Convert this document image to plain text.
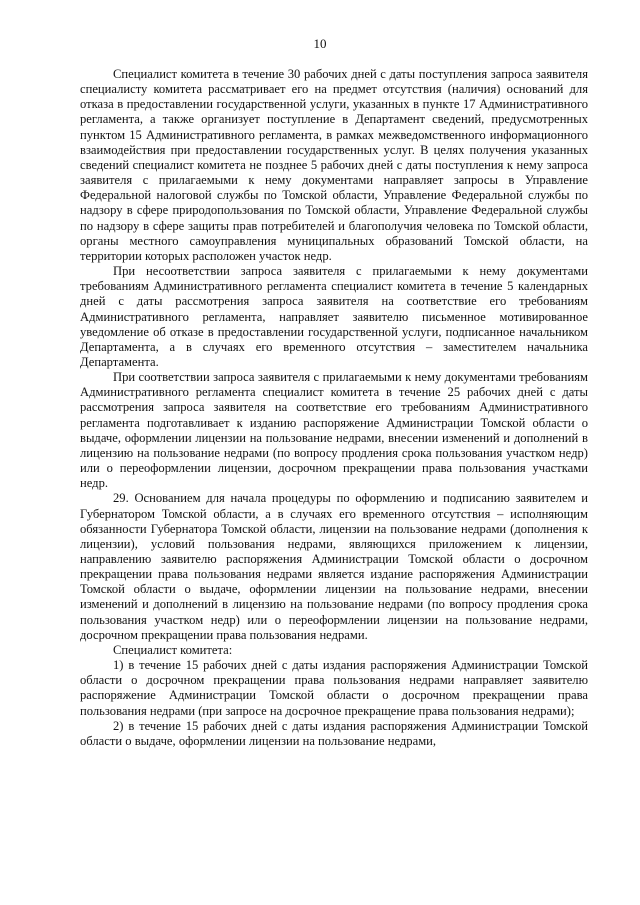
10

Специалист комитета в течение 30 рабочих дней с даты поступления запроса заявителя специалисту комитета рассматривает его на предмет отсутствия (наличия) оснований для отказа в предоставлении государственной услуги, указанных в пункте 17 Административного регламента, а также организует поступление в Департамент сведений, предусмотренных пунктом 15 Административного регламента, в рамках межведомственного информационного взаимодействия при предоставлении государственных услуг. В целях получения указанных сведений специалист комитета не позднее 5 рабочих дней с даты поступления к нему запроса заявителя с прилагаемыми к нему документами направляет запросы в Управление Федеральной налоговой службы по Томской области, Управление Федеральной службы по надзору в сфере природопользования по Томской области, Управление Федеральной службы по надзору в сфере защиты прав потребителей и благополучия человека по Томской области, органы местного самоуправления муниципальных образований Томской области, на территории которых расположен участок недр.

При несоответствии запроса заявителя с прилагаемыми к нему документами требованиям Административного регламента специалист комитета в течение 5 календарных дней с даты рассмотрения запроса заявителя на соответствие его требованиям Административного регламента, направляет заявителю письменное мотивированное уведомление об отказе в предоставлении государственной услуги, подписанное начальником Департамента, а в случаях его временного отсутствия – заместителем начальника Департамента.

При соответствии запроса заявителя с прилагаемыми к нему документами требованиям Административного регламента специалист комитета в течение 25 рабочих дней с даты рассмотрения запроса заявителя на соответствие его требованиям Административного регламента подготавливает к изданию распоряжение Администрации Томской области о выдаче, оформлении лицензии на пользование недрами, внесении изменений и дополнений в лицензию на пользование недрами (по вопросу продления срока пользования участком недр) или о переоформлении лицензии, досрочном прекращении права пользования участками недр.

29. Основанием для начала процедуры по оформлению и подписанию заявителем и Губернатором Томской области, а в случаях его временного отсутствия – исполняющим обязанности Губернатора Томской области, лицензии на пользование недрами (дополнения к лицензии), условий пользования недрами, являющихся приложением к лицензии, направлению заявителю распоряжения Администрации Томской области о досрочном прекращении права пользования недрами является издание распоряжения Администрации Томской области о выдаче, оформлении лицензии на пользование недрами, внесении изменений и дополнений в лицензию на пользование недрами (по вопросу продления срока пользования участком недр) или о переоформлении лицензии на пользование недрами, досрочном прекращении права пользования недрами.

Специалист комитета:

1) в течение 15 рабочих дней с даты издания распоряжения Администрации Томской области о досрочном прекращении права пользования недрами направляет заявителю распоряжение Администрации Томской области о досрочном прекращении права пользования недрами (при запросе на досрочное прекращение права пользования недрами);

2) в течение 15 рабочих дней с даты издания распоряжения Администрации Томской области о выдаче, оформлении лицензии на пользование недрами,
